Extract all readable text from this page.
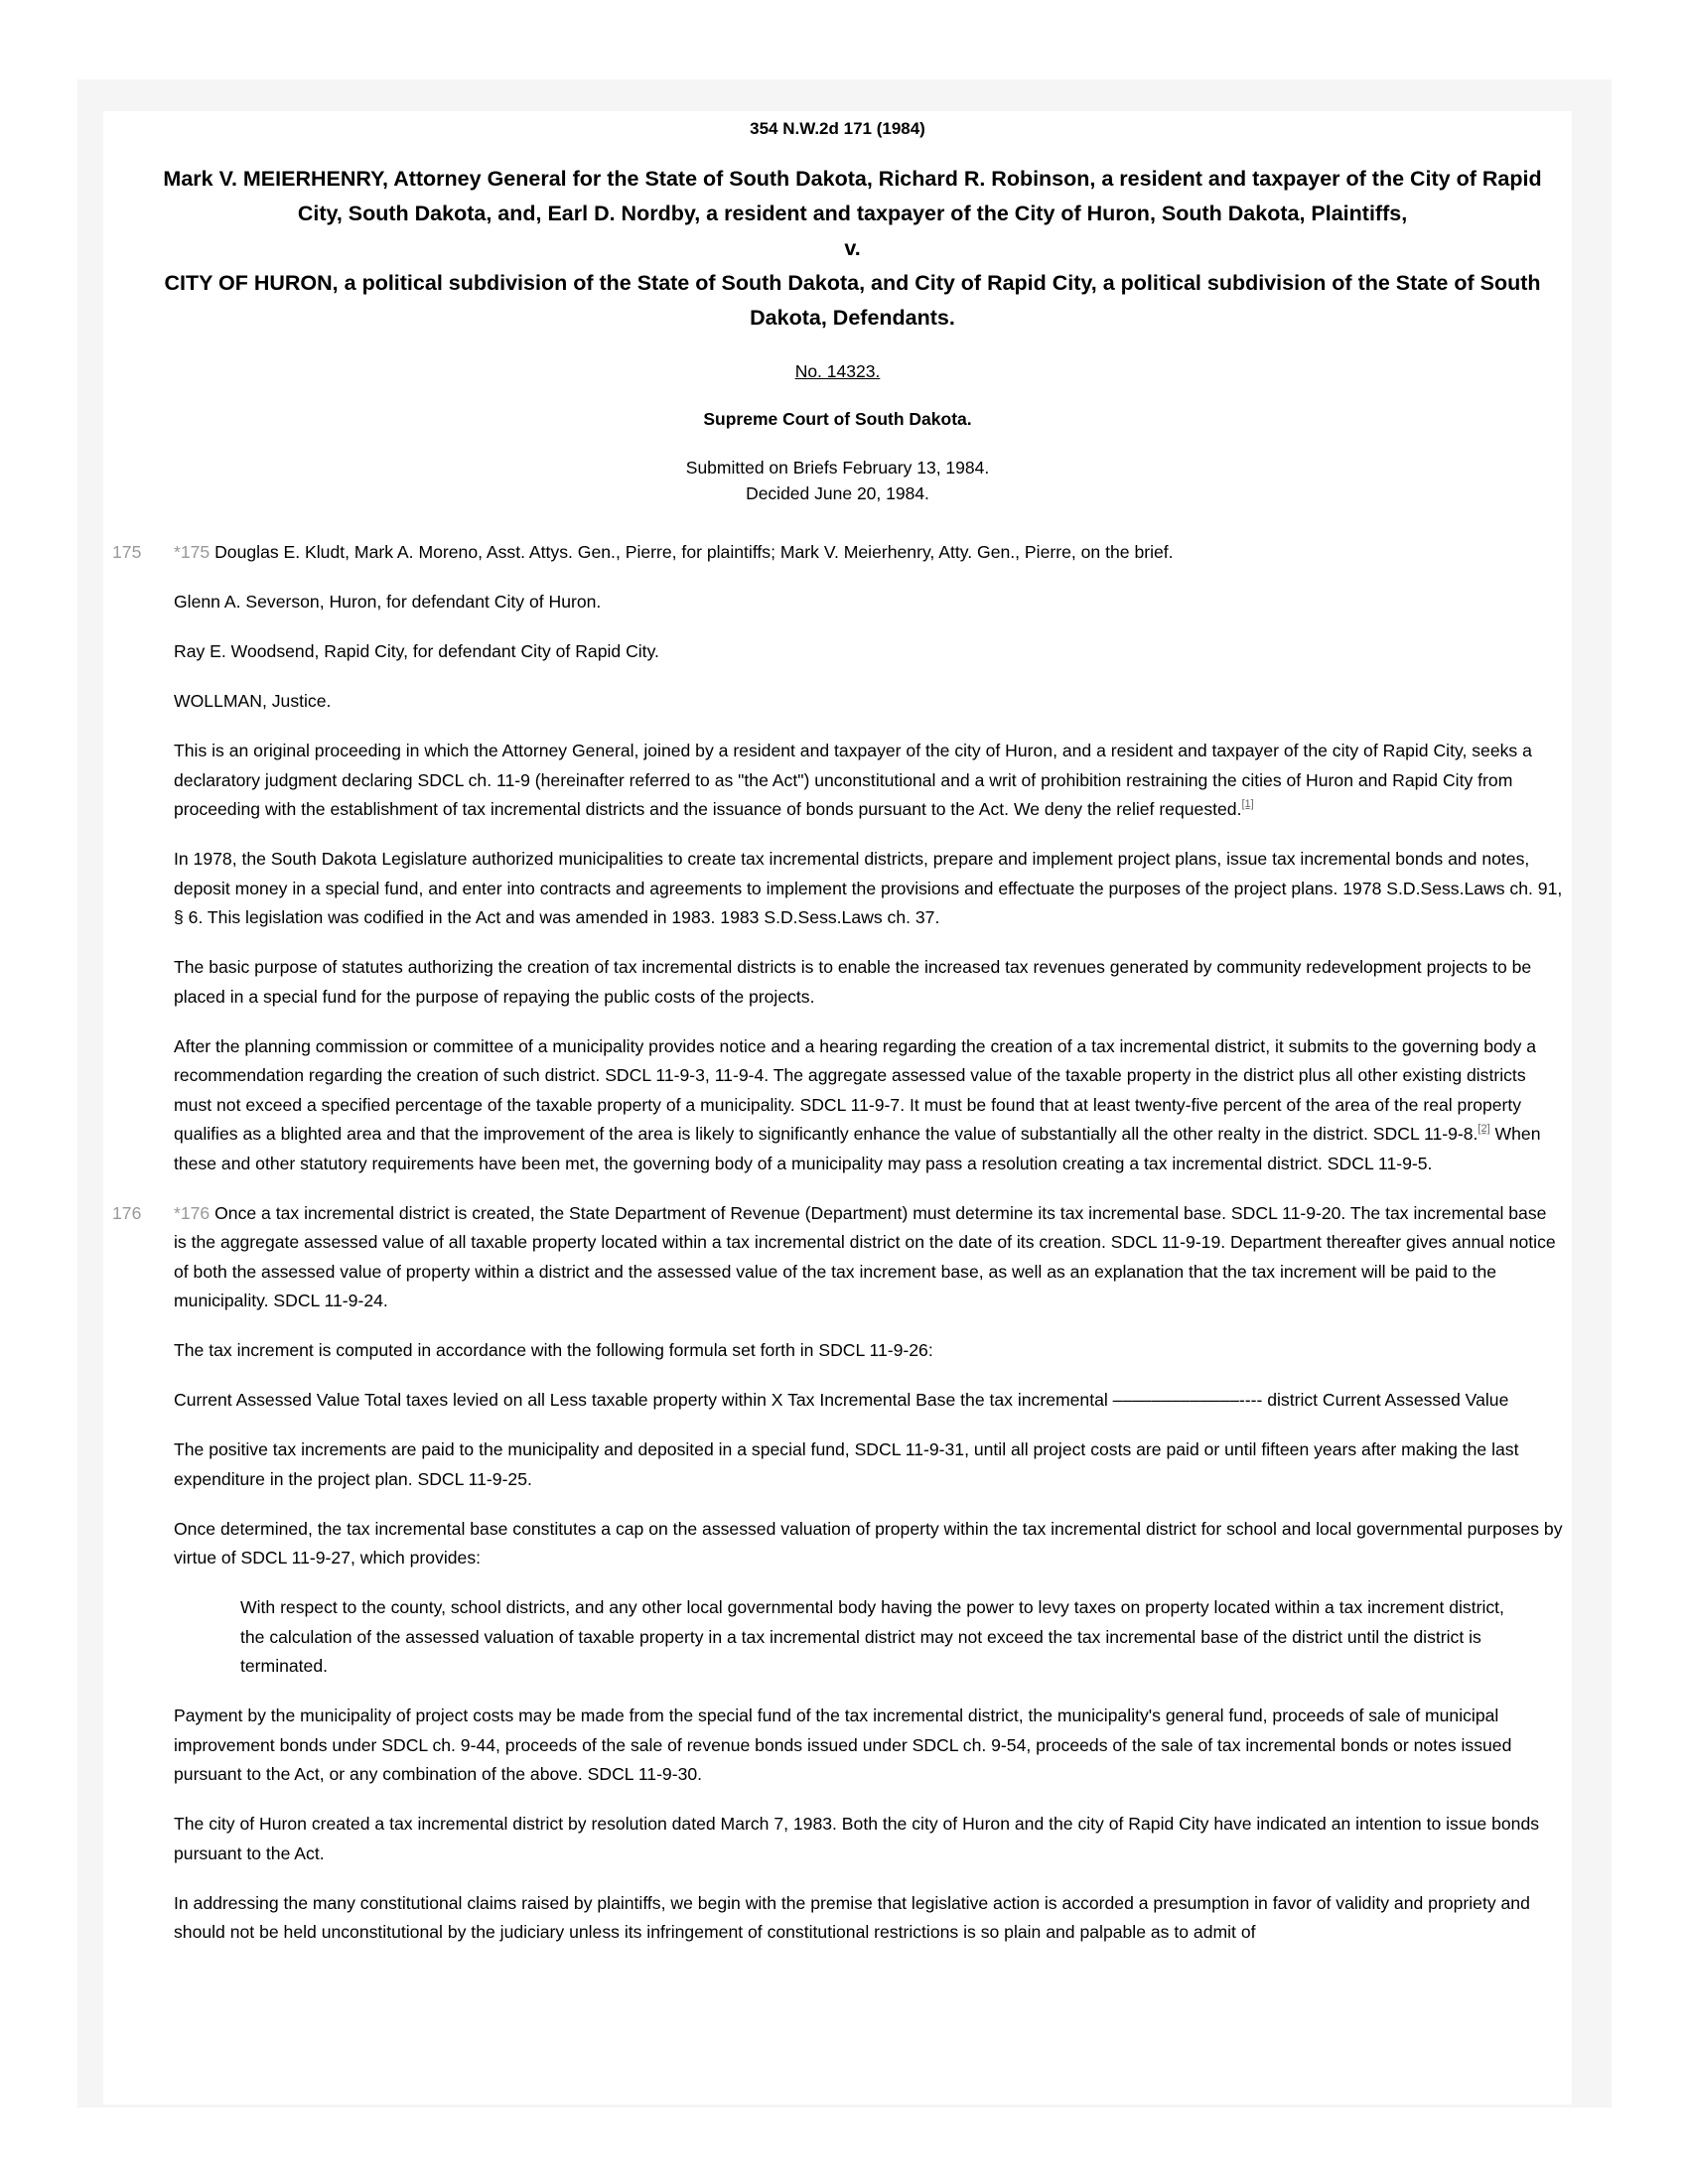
354 N.W.2d 171 (1984)
Mark V. MEIERHENRY, Attorney General for the State of South Dakota, Richard R. Robinson, a resident and taxpayer of the City of Rapid City, South Dakota, and, Earl D. Nordby, a resident and taxpayer of the City of Huron, South Dakota, Plaintiffs,
v.
CITY OF HURON, a political subdivision of the State of South Dakota, and City of Rapid City, a political subdivision of the State of South Dakota, Defendants.
No. 14323.
Supreme Court of South Dakota.
Submitted on Briefs February 13, 1984.
Decided June 20, 1984.

175 *175 Douglas E. Kludt, Mark A. Moreno, Asst. Attys. Gen., Pierre, for plaintiffs; Mark V. Meierhenry, Atty. Gen., Pierre, on the brief.

Glenn A. Severson, Huron, for defendant City of Huron.

Ray E. Woodsend, Rapid City, for defendant City of Rapid City.

WOLLMAN, Justice.

This is an original proceeding in which the Attorney General, joined by a resident and taxpayer of the city of Huron, and a resident and taxpayer of the city of Rapid City, seeks a declaratory judgment declaring SDCL ch. 11-9 (hereinafter referred to as "the Act") unconstitutional and a writ of prohibition restraining the cities of Huron and Rapid City from proceeding with the establishment of tax incremental districts and the issuance of bonds pursuant to the Act. We deny the relief requested.[1]

In 1978, the South Dakota Legislature authorized municipalities to create tax incremental districts, prepare and implement project plans, issue tax incremental bonds and notes, deposit money in a special fund, and enter into contracts and agreements to implement the provisions and effectuate the purposes of the project plans. 1978 S.D.Sess.Laws ch. 91, § 6. This legislation was codified in the Act and was amended in 1983. 1983 S.D.Sess.Laws ch. 37.

The basic purpose of statutes authorizing the creation of tax incremental districts is to enable the increased tax revenues generated by community redevelopment projects to be placed in a special fund for the purpose of repaying the public costs of the projects.

After the planning commission or committee of a municipality provides notice and a hearing regarding the creation of a tax incremental district, it submits to the governing body a recommendation regarding the creation of such district. SDCL 11-9-3, 11-9-4. The aggregate assessed value of the taxable property in the district plus all other existing districts must not exceed a specified percentage of the taxable property of a municipality. SDCL 11-9-7. It must be found that at least twenty-five percent of the area of the real property qualifies as a blighted area and that the improvement of the area is likely to significantly enhance the value of substantially all the other realty in the district. SDCL 11-9-8.[2] When these and other statutory requirements have been met, the governing body of a municipality may pass a resolution creating a tax incremental district. SDCL 11-9-5.

176 *176 Once a tax incremental district is created, the State Department of Revenue (Department) must determine its tax incremental base. SDCL 11-9-20. The tax incremental base is the aggregate assessed value of all taxable property located within a tax incremental district on the date of its creation. SDCL 11-9-19. Department thereafter gives annual notice of both the assessed value of property within a district and the assessed value of the tax increment base, as well as an explanation that the tax increment will be paid to the municipality. SDCL 11-9-24.

The tax increment is computed in accordance with the following formula set forth in SDCL 11-9-26:

Current Assessed Value Total taxes levied on all Less taxable property within X Tax Incremental Base the tax incremental –––––––––––––---- district Current Assessed Value

The positive tax increments are paid to the municipality and deposited in a special fund, SDCL 11-9-31, until all project costs are paid or until fifteen years after making the last expenditure in the project plan. SDCL 11-9-25.

Once determined, the tax incremental base constitutes a cap on the assessed valuation of property within the tax incremental district for school and local governmental purposes by virtue of SDCL 11-9-27, which provides:

With respect to the county, school districts, and any other local governmental body having the power to levy taxes on property located within a tax increment district, the calculation of the assessed valuation of taxable property in a tax incremental district may not exceed the tax incremental base of the district until the district is terminated.

Payment by the municipality of project costs may be made from the special fund of the tax incremental district, the municipality's general fund, proceeds of sale of municipal improvement bonds under SDCL ch. 9-44, proceeds of the sale of revenue bonds issued under SDCL ch. 9-54, proceeds of the sale of tax incremental bonds or notes issued pursuant to the Act, or any combination of the above. SDCL 11-9-30.

The city of Huron created a tax incremental district by resolution dated March 7, 1983. Both the city of Huron and the city of Rapid City have indicated an intention to issue bonds pursuant to the Act.

In addressing the many constitutional claims raised by plaintiffs, we begin with the premise that legislative action is accorded a presumption in favor of validity and propriety and should not be held unconstitutional by the judiciary unless its infringement of constitutional restrictions is so plain and palpable as to admit of
